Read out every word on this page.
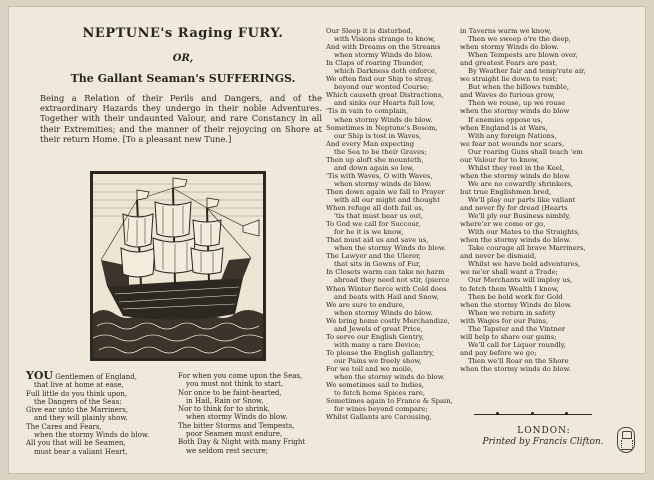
NEPTUNE's Raging FURY.
OR,
The Gallant Seaman's SUFFERINGS.
Being a Relation of their Perils and Dangers, and of the extraordinary Hazards they undergo in their noble Adventures. Together with their undaunted Valour, and rare Constancy in all their Extremities; and the manner of their rejoycing on Shore at their return Home. [To a pleasant new Tune.]
YOU Gentlemen of England,
that live at home at ease,
Full little do you think upon,
the Dangers of the Seas:
Give ear unto the Marriners,
and they will plainly show,
The Cares and Fears,
when the stormy Winds do blow.
All you that will be Seamen,
must bear a valiant Heart,
For when you come upon the Seas,
you must not think to start,
Nor once to be faint-hearted,
in Hail, Rain or Snow,
Nor to think for to shrink,
when stormy Winds do blow.
The bitter Storms and Tempests,
poor Seamen must endure,
Both Day & Night with many Fright
we seldom rest secure;
Our Sleep it is disturbed,
with Visions strange to know,
And with Dreams on the Streams
when stormy Winds do blow.
In Claps of roaring Thunder,
which Darkness doth enforce,
We often find our Ship to stray,
beyond our wonted Course;
Which causeth great Distractions,
and sinks our Hearts full low,
'Tis in vain to complain,
when stormy Winds do blow.
Sometimes in Neptune's Bosom,
our Ship is tost in Waves,
And every Man expecting
the Sea to be their Graves;
Then up aloft she mounteth,
and down again so low,
'Tis with Waves, O with Waves,
when stormy winds do blow.
Then down again we fall to Prayer
with all our might and thought
When refuge all doth fail us,
'tis that must bear us out,
To God we call for Succour,
for he it is we know,
That must aid us and save us,
when the stormy Winds do blow.
The Lawyer and the Ulerer,
that sits in Gowns of Fur,
In Closets warm can take no harm
abroad they need not stir, (pierce
When Winter fierce with Cold does
and beats with Hail and Snow,
We are sure to endure,
when stormy Winds do blow.
We bring home costly Merchandize,
and Jewels of great Price,
To serve our English Gentry,
with many a rare Device;
To please the English gallantry,
our Pains we freely show,
For we toil and we moile,
when the stormy winds do blow.
We sometimes sail to Indies,
to fetch home Spices rare,
Sometimes again to France & Spain,
for wines beyond compare;
Whilst Gallants are Carousing,
in Taverns warm we know,
Then we sweep o're the deep,
when stormy Winds do blow.
When Tempests are blown over,
and greatest Fears are past,
By Weather fair and temp'rate air,
we straight lie down to rest;
But when the billows tumble,
and Waves do furious grow,
Then we rouse, up we rouse
when the stormy winds do blow
If enemies oppose us,
when England is at Wars,
With any foreign Nations,
we fear not wounds nor scars,
Our roaring Guns shall teach 'em
our Valour for to know,
Whilst they reel in the Keel,
when the stormy winds do blow.
We are no cowardly shrinkers,
but true Englishmen bred,
We'll play our parts like valiant
and never fly for dread (Hearts
We'll ply our Business nimbly,
where'er we come or go,
With our Mates to the Straights,
when the stormy winds do blow.
Take courage all brave Marriners,
and never be dismaid,
Whilst we have bold adventures,
we ne'er shall want a Trade;
Our Merchants will imploy us,
to fetch them Wealth I know,
Then be bold work for Gold
when the stormy Winds do blow.
When we return in safety
with Wages for our Pains,
The Tapster and the Vintner
will help to share our gains;
We'll call for Liquor roundly,
and pay before we go;
Then we'll Roar on the Shore
when the stormy winds do blow.
LONDON:
Printed by Francis Clifton.
